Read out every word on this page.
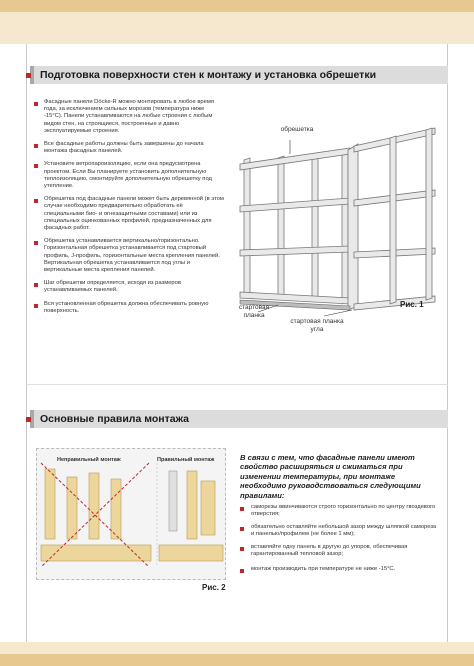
Подготовка поверхности стен к монтажу и установка обрешетки
Фасадные панели Döcke-R можно монтировать в любое время года, за исключением сильных морозов (температура ниже -15°С). Панели устанавливаются на любые строения с любым видом стен, на строящиеся, построенные и давно эксплуатируемые строения.
Все фасадные работы должны быть завершены до начала монтажа фасадных панелей.
Установите ветропароизоляцию, если она предусмотрена проектом. Если Вы планируете установить дополнительную теплоизоляцию, смонтируйте дополнительную обрешетку под утепление.
Обрешетка под фасадные панели может быть деревянной (в этом случае необходимо предварительно обработать её специальными био- и огнезащитными составами) или из специальных оцинкованных профилей, предназначенных для фасадных работ.
Обрешетка устанавливается вертикально/горизонтально. Горизонтальная обрешетка устанавливается под стартовый профиль, J-профиль, горизонтальные места крепления панелей. Вертикальная обрешетка устанавливается под углы и вертикальные места крепления панелей.
Шаг обрешетки определяется, исходя из размеров устанавливаемых панелей.
Вся установленная обрешетка должна обеспечивать ровную поверхность.
обрешетка
стартовая планка
стартовая планка угла
Рис. 1
Основные правила монтажа
Неправильный монтаж	Правильный монтаж
Рис. 2
В связи с тем, что фасадные панели имеют свойство расширяться и сжиматься при изменении температуры, при монтаже необходимо руководствоваться следующими правилами:
саморезы ввинчиваются строго горизонтально по центру гвоздевого отверстия;
обязательно оставляйте небольшой зазор между шляпкой самореза и панелью/профилем (не более 1 мм);
вставляйте одну панель в другую до упоров, обеспечивая гарантированный тепловой зазор;
монтаж производить при температуре не ниже -15°С.
